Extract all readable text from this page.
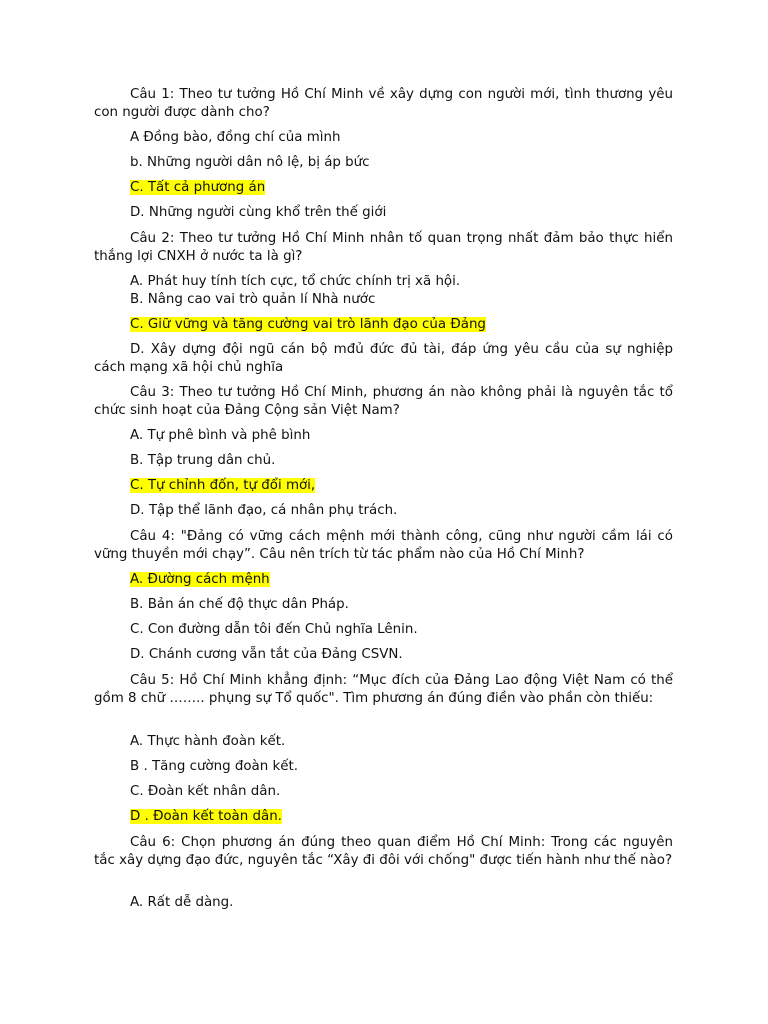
Câu 1: Theo tư tưởng Hồ Chí Minh về xây dựng con người mới, tình thương yêu con người được dành cho?

A Đồng bào, đồng chí của mình

b. Những người dân nô lệ, bị áp bức

C. Tất cả phương án

D. Những người cùng khổ trên thế giới

Câu 2: Theo tư tưởng Hồ Chí Minh nhân tố quan trọng nhất đảm bảo thực hiển thắng lợi CNXH ở nước ta là gì?

A. Phát huy tính tích cực, tổ chức chính trị xã hội.

B. Nâng cao vai trò quản lí Nhà nước

C. Giữ vững và tăng cường vai trò lãnh đạo của Đảng

D. Xây dựng đội ngũ cán bộ mđủ đức đủ tài, đáp ứng yêu cầu của sự nghiệp cách mạng xã hội chủ nghĩa

Câu 3: Theo tư tưởng Hồ Chí Minh, phương án nào không phải là nguyên tắc tổ chức sinh hoạt của Đảng Cộng sản Việt Nam?

A. Tự phê bình và phê bình

B. Tập trung dân chủ.

C. Tự chỉnh đốn, tự đổi mới,

D. Tập thể lãnh đạo, cá nhân phụ trách.

Câu 4: "Đảng có vững cách mệnh mới thành công, cũng như người cầm lái có vững thuyền mới chạy”. Câu nên trích từ tác phẩm nào của Hồ Chí Minh?

A. Đường cách mệnh

B. Bản án chế độ thực dân Pháp.

C. Con đường dẫn tôi đến Chủ nghĩa Lênin.

D. Chánh cương vẵn tắt của Đảng CSVN.

Câu 5: Hồ Chí Minh khẳng định: “Mục đích của Đảng Lao động Việt Nam có thể gồm 8 chữ …….. phụng sự Tổ quốc". Tìm phương án đúng điền vào phần còn thiếu:

A. Thực hành đoàn kết.

B . Tăng cường đoàn kết.

C. Đoàn kết nhân dân.

D . Đoàn kết toàn dân.

Câu 6: Chọn phương án đúng theo quan điểm Hồ Chí Minh: Trong các nguyên tắc xây dựng đạo đức, nguyên tắc “Xây đi đôi với chống" được tiến hành như thế nào?

A. Rất dễ dàng.
